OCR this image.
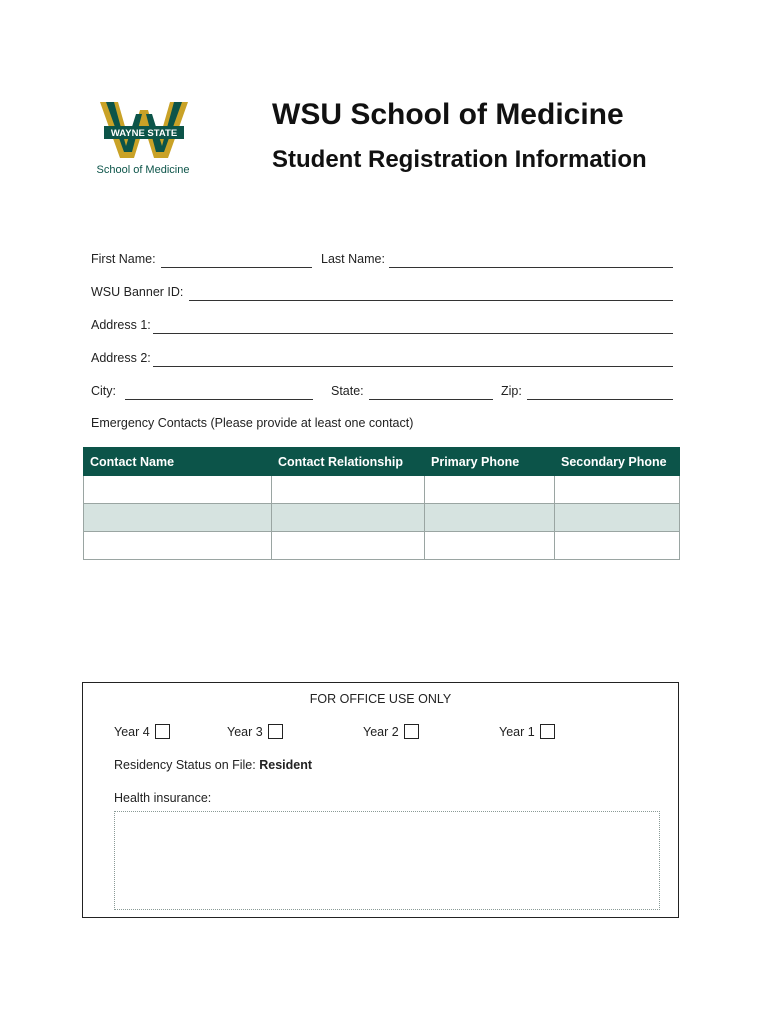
WAYNE STATE
School of Medicine
WSU School of Medicine
Student Registration Information
First Name:	Last Name:
WSU Banner ID:
Address 1:
Address 2:
City:	State:	Zip:
Emergency Contacts (Please provide at least one contact)
Contact Name	Contact Relationship	Primary Phone	Secondary Phone

FOR OFFICE USE ONLY
Year 4	Year 3	Year 2	Year 1
Residency Status on File: Resident
Health insurance:
